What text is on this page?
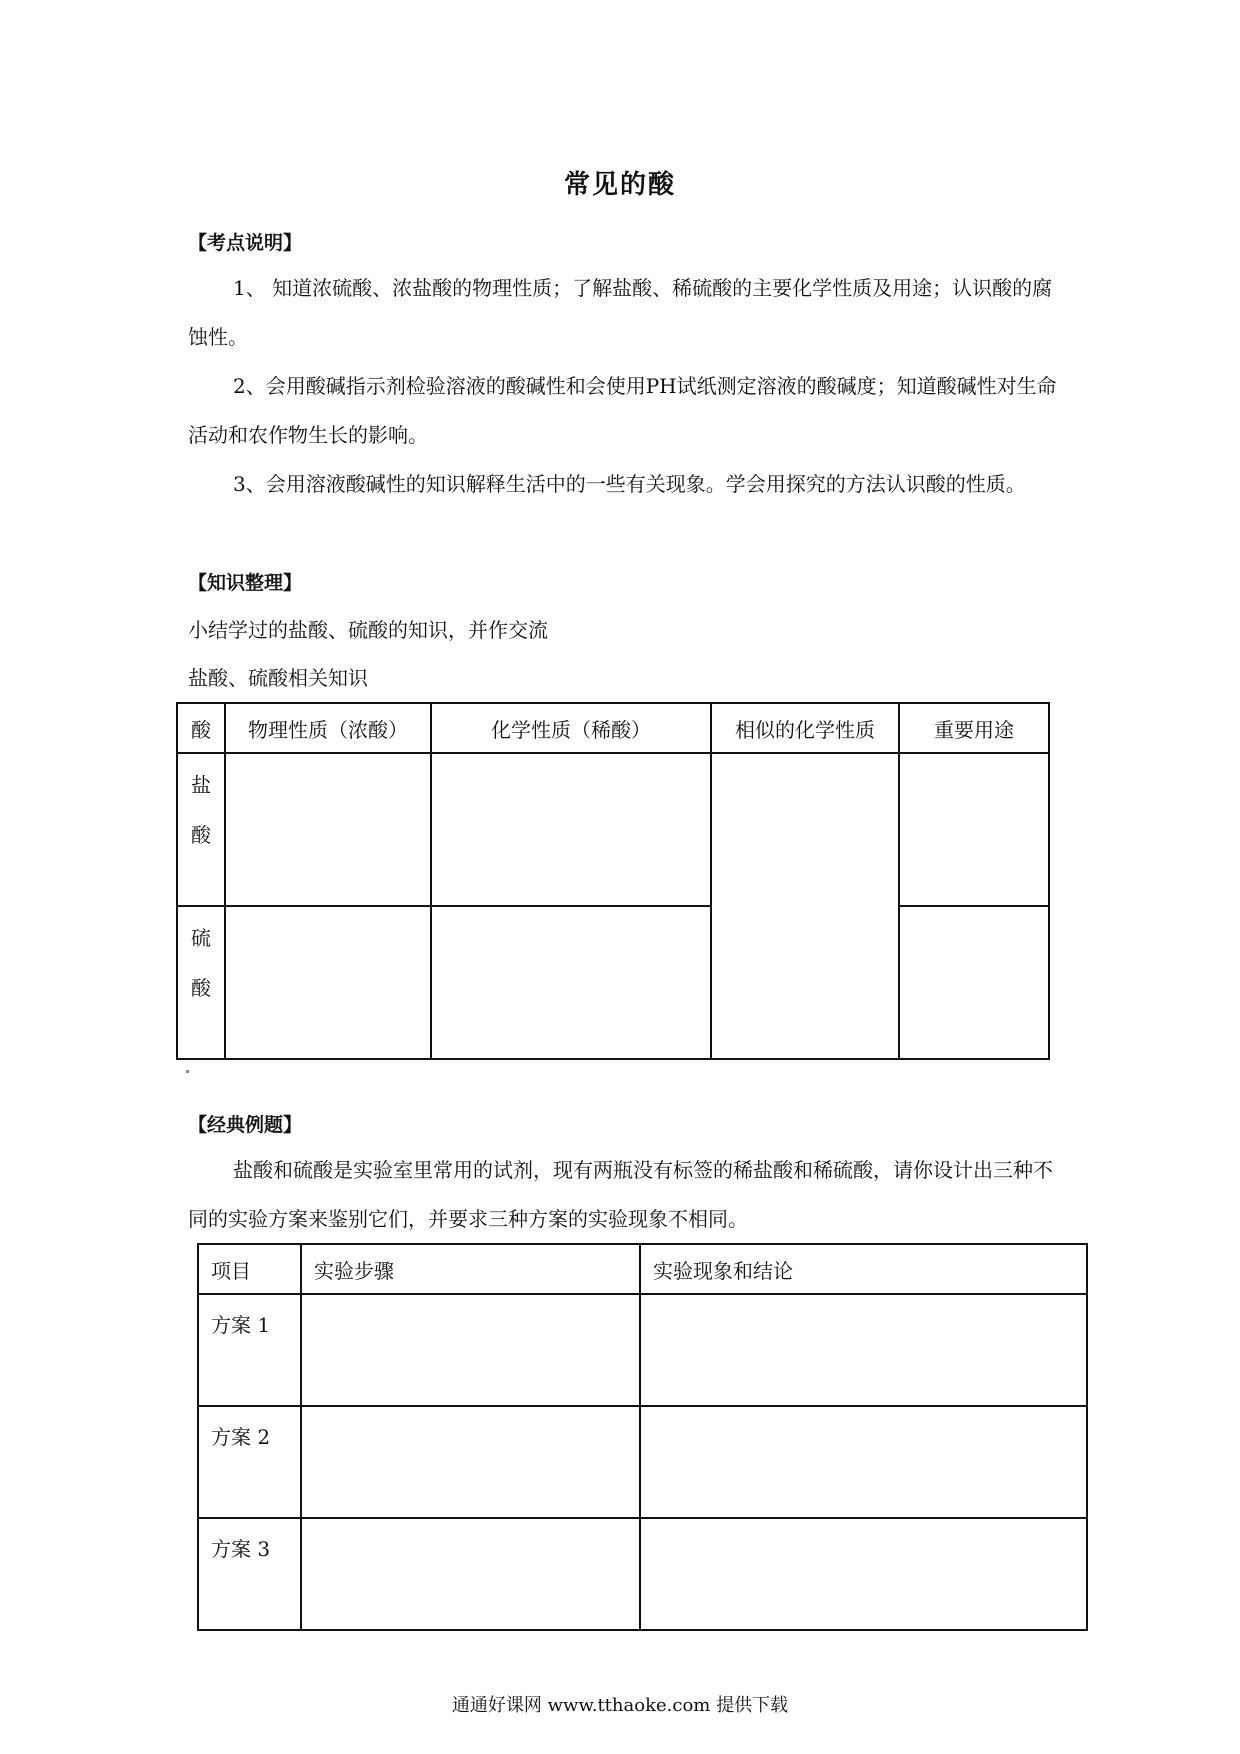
常见的酸
【考点说明】
1、 知道浓硫酸、浓盐酸的物理性质；了解盐酸、稀硫酸的主要化学性质及用途；认识酸的腐蚀性。
2、会用酸碱指示剂检验溶液的酸碱性和会使用PH试纸测定溶液的酸碱度；知道酸碱性对生命活动和农作物生长的影响。
3、会用溶液酸碱性的知识解释生活中的一些有关现象。学会用探究的方法认识酸的性质。
【知识整理】
小结学过的盐酸、硫酸的知识，并作交流
盐酸、硫酸相关知识
酸	物理性质（浓酸）	化学性质（稀酸）	相似的化学性质	重要用途

盐酸				

硫酸				

【经典例题】
盐酸和硫酸是实验室里常用的试剂，现有两瓶没有标签的稀盐酸和稀硫酸，请你设计出三种不同的实验方案来鉴别它们，并要求三种方案的实验现象不相同。
项目	实验步骤	实验现象和结论
方案 1		
方案 2		
方案 3		
通通好课网 www.tthaoke.com 提供下载
